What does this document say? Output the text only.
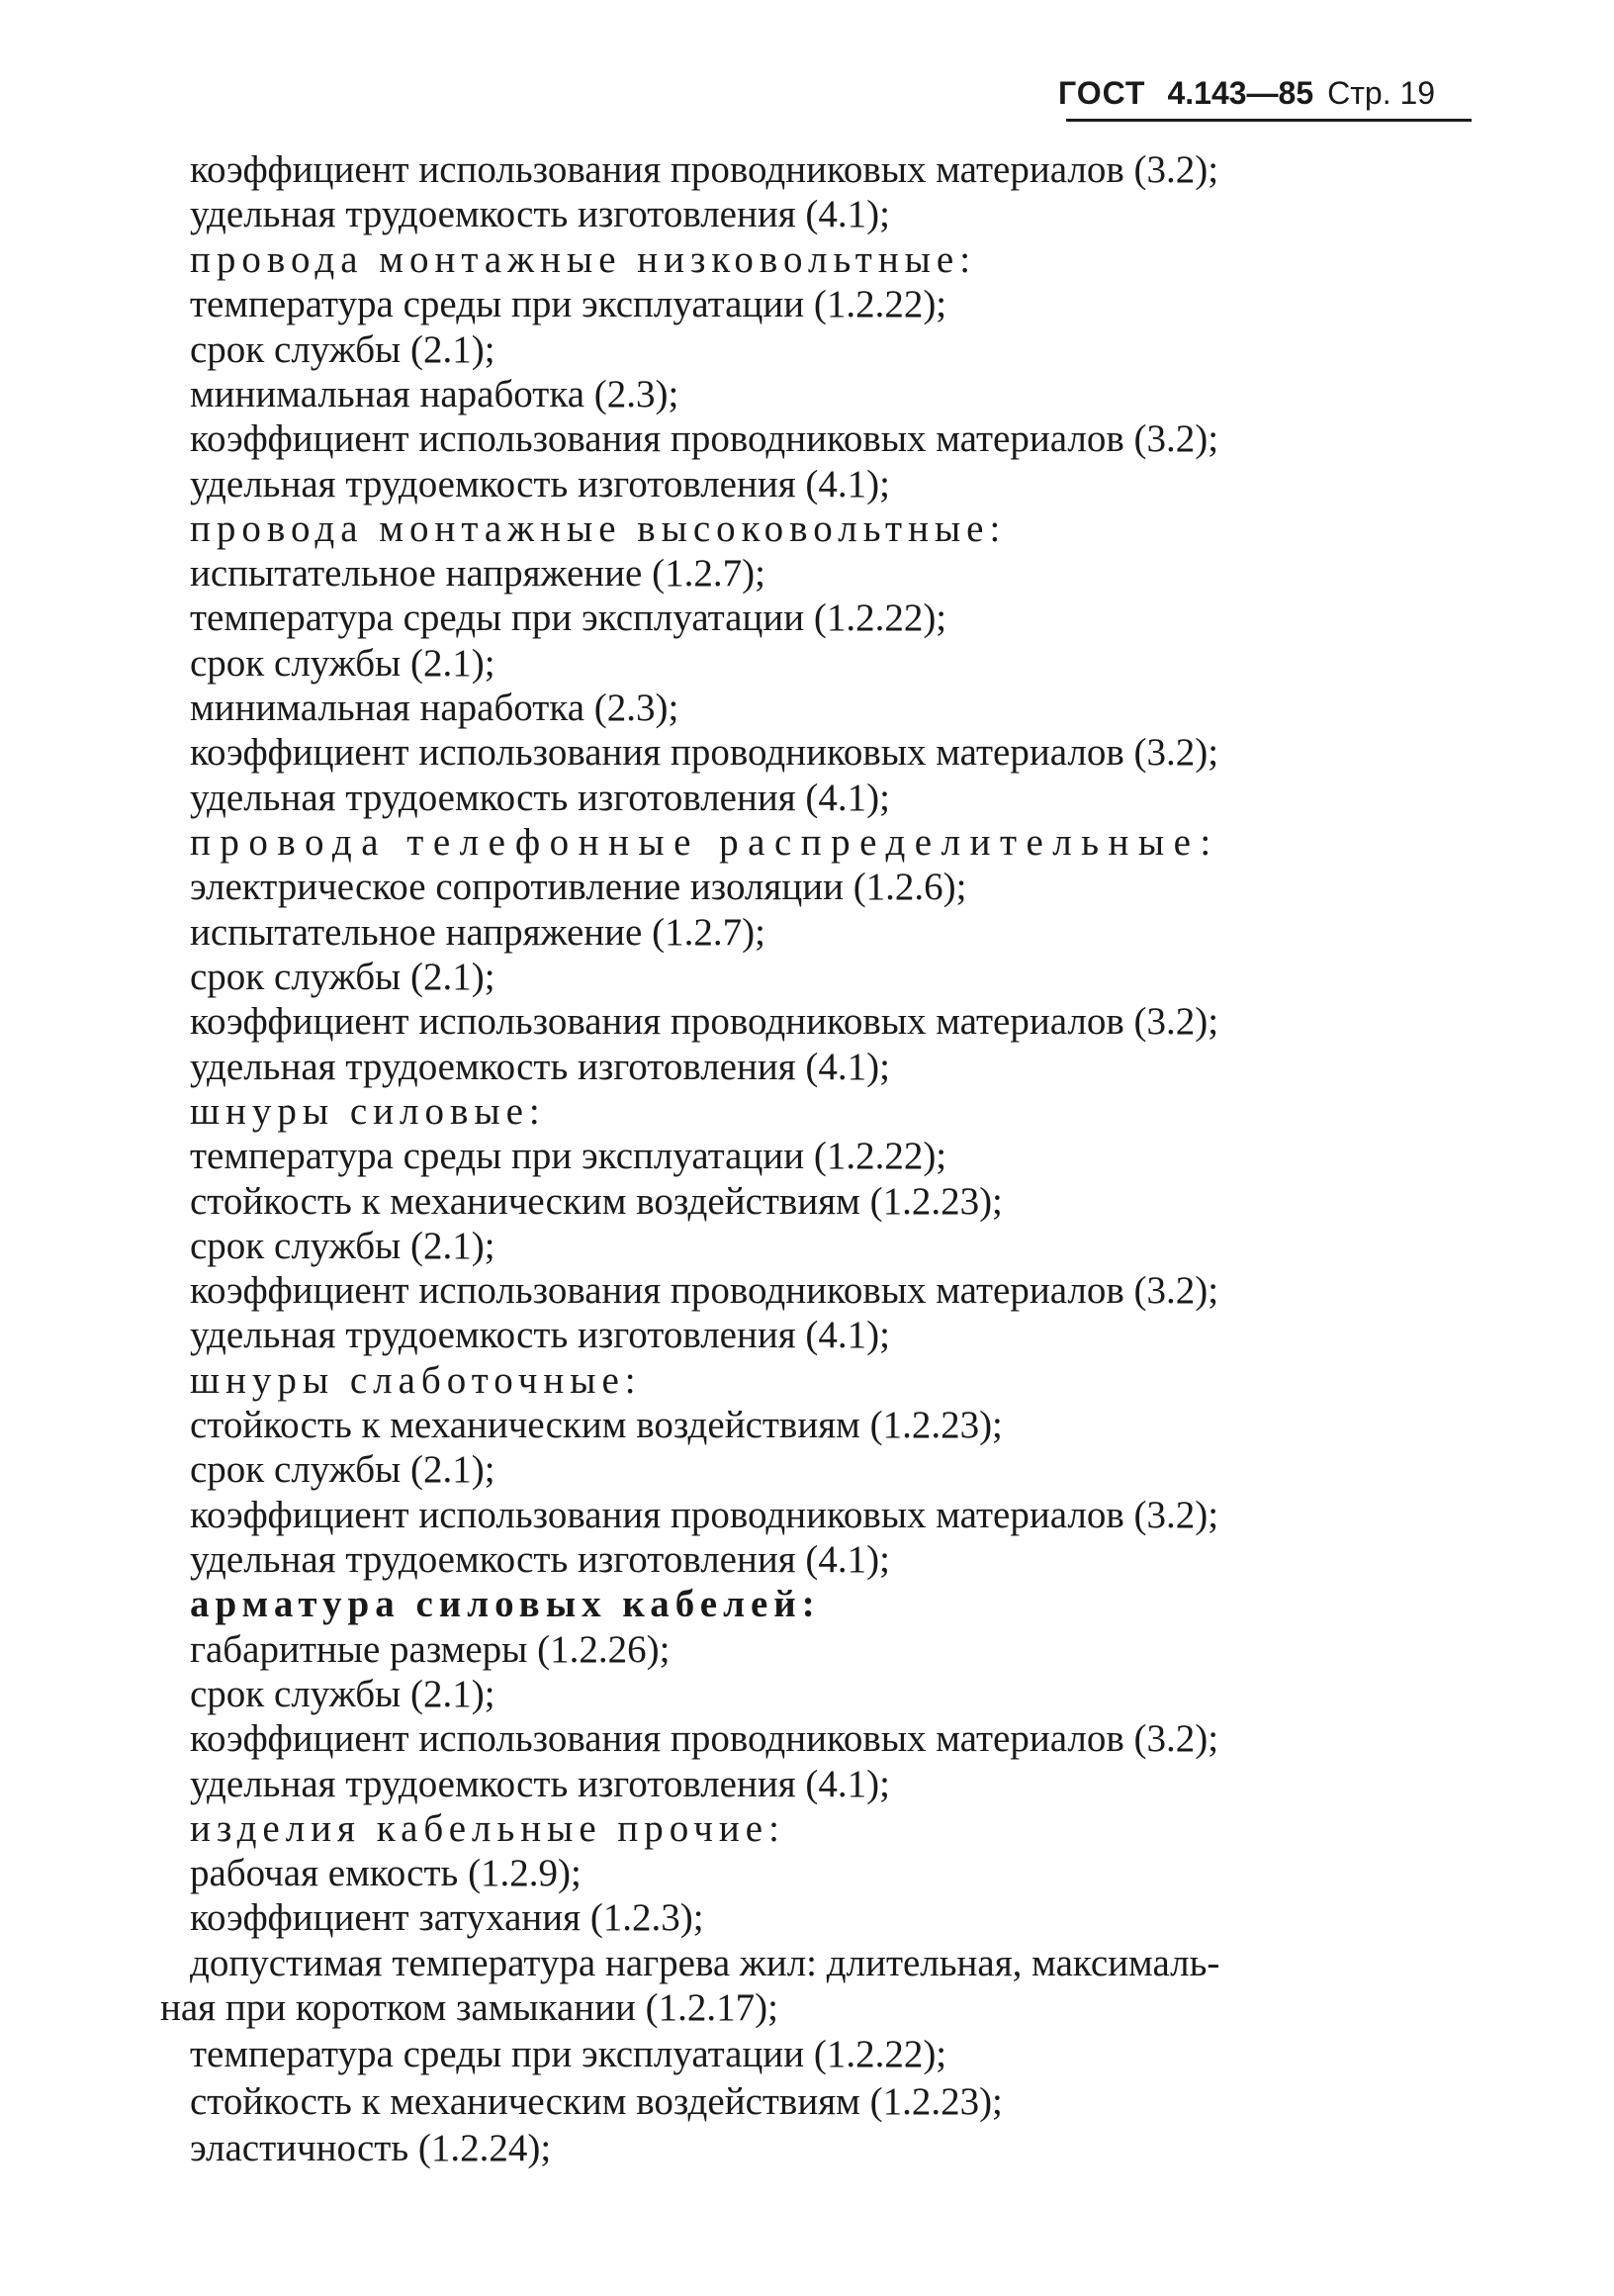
ГОСТ 4.143—85 Стр. 19
коэффициент использования проводниковых материалов (3.2);
удельная трудоемкость изготовления (4.1);
провода монтажные низковольтные:
температура среды при эксплуатации (1.2.22);
срок службы (2.1);
минимальная наработка (2.3);
коэффициент использования проводниковых материалов (3.2);
удельная трудоемкость изготовления (4.1);
провода монтажные высоковольтные:
испытательное напряжение (1.2.7);
температура среды при эксплуатации (1.2.22);
срок службы (2.1);
минимальная наработка (2.3);
коэффициент использования проводниковых материалов (3.2);
удельная трудоемкость изготовления (4.1);
провода телефонные распределительные:
электрическое сопротивление изоляции (1.2.6);
испытательное напряжение (1.2.7);
срок службы (2.1);
коэффициент использования проводниковых материалов (3.2);
удельная трудоемкость изготовления (4.1);
шнуры силовые:
температура среды при эксплуатации (1.2.22);
стойкость к механическим воздействиям (1.2.23);
срок службы (2.1);
коэффициент использования проводниковых материалов (3.2);
удельная трудоемкость изготовления (4.1);
шнуры слаботочные:
стойкость к механическим воздействиям (1.2.23);
срок службы (2.1);
коэффициент использования проводниковых материалов (3.2);
удельная трудоемкость изготовления (4.1);
арматура силовых кабелей:
габаритные размеры (1.2.26);
срок службы (2.1);
коэффициент использования проводниковых материалов (3.2);
удельная трудоемкость изготовления (4.1);
изделия кабельные прочие:
рабочая емкость (1.2.9);
коэффициент затухания (1.2.3);
допустимая температура нагрева жил: длительная, максималь-
ная при коротком замыкании (1.2.17);
температура среды при эксплуатации (1.2.22);
стойкость к механическим воздействиям (1.2.23);
эластичность (1.2.24);
